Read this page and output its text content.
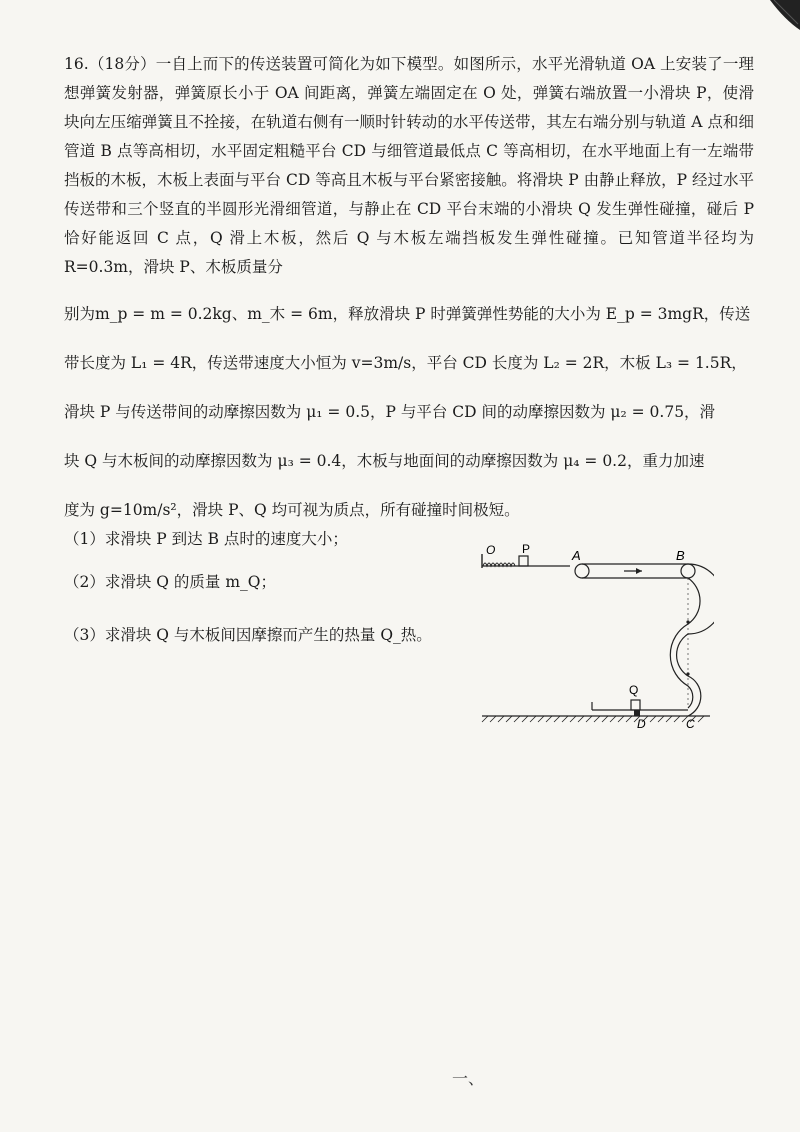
16.（18分）一自上而下的传送装置可简化为如下模型。如图所示，水平光滑轨道 OA 上安装了一理想弹簧发射器，弹簧原长小于 OA 间距离，弹簧左端固定在 O 处，弹簧右端放置一小滑块 P，使滑块向左压缩弹簧且不拴接，在轨道右侧有一顺时针转动的水平传送带，其左右端分别与轨道 A 点和细管道 B 点等高相切，水平固定粗糙平台 CD 与细管道最低点 C 等高相切，在水平地面上有一左端带挡板的木板，木板上表面与平台 CD 等高且木板与平台紧密接触。将滑块 P 由静止释放，P 经过水平传送带和三个竖直的半圆形光滑细管道，与静止在 CD 平台末端的小滑块 Q 发生弹性碰撞，碰后 P 恰好能返回 C 点，Q 滑上木板，然后 Q 与木板左端挡板发生弹性碰撞。已知管道半径均为 R=0.3m，滑块 P、木板质量分

别为m_p = m = 0.2kg、m_木 = 6m，释放滑块 P 时弹簧弹性势能的大小为 E_p = 3mgR，传送

带长度为 L₁ = 4R，传送带速度大小恒为 v=3m/s，平台 CD 长度为 L₂ = 2R，木板 L₃ = 1.5R，

滑块 P 与传送带间的动摩擦因数为 μ₁ = 0.5，P 与平台 CD 间的动摩擦因数为 μ₂ = 0.75，滑

块 Q 与木板间的动摩擦因数为 μ₃ = 0.4，木板与地面间的动摩擦因数为 μ₄ = 0.2，重力加速

度为 g=10m/s²，滑块 P、Q 均可视为质点，所有碰撞时间极短。

（1）求滑块 P 到达 B 点时的速度大小；
（2）求滑块 Q 的质量 m_Q；
（3）求滑块 Q 与木板间因摩擦而产生的热量 Q_热。
O P	A	B
Q
D	C
一、
